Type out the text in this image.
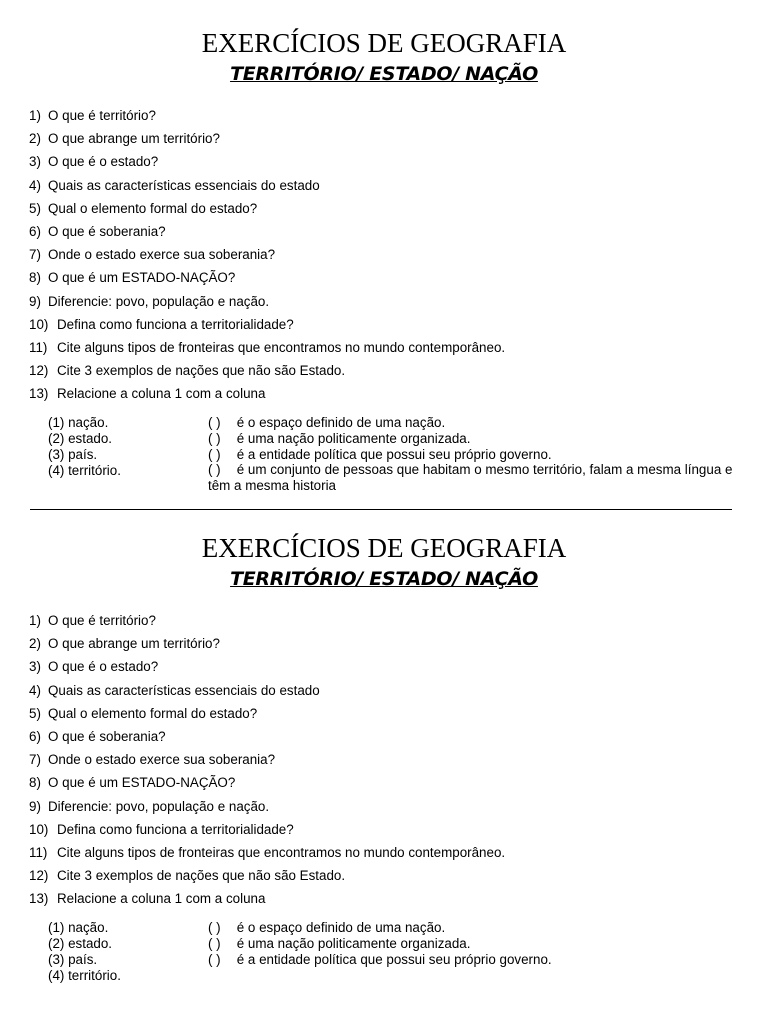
EXERCÍCIOS DE GEOGRAFIA
TERRITÓRIO/ ESTADO/ NAÇÃO
1) O que é território?
2) O que abrange um território?
3) O que é o estado?
4) Quais as características essenciais do estado
5) Qual o elemento formal do estado?
6) O que é soberania?
7) Onde o estado exerce sua soberania?
8) O que é um ESTADO-NAÇÃO?
9) Diferencie: povo, população e nação.
10) Defina como funciona a territorialidade?
11) Cite alguns tipos de fronteiras que encontramos no mundo contemporâneo.
12) Cite 3 exemplos de nações que não são Estado.
13) Relacione a coluna 1 com a coluna
(1) nação.
(2) estado.
(3) país.
(4) território.
( ) é o espaço definido de uma nação.
( ) é uma nação politicamente organizada.
( ) é a entidade política que possui seu próprio governo.
( ) é um conjunto de pessoas que habitam o mesmo território, falam a mesma língua e têm a mesma historia
EXERCÍCIOS DE GEOGRAFIA
TERRITÓRIO/ ESTADO/ NAÇÃO
1) O que é território?
2) O que abrange um território?
3) O que é o estado?
4) Quais as características essenciais do estado
5) Qual o elemento formal do estado?
6) O que é soberania?
7) Onde o estado exerce sua soberania?
8) O que é um ESTADO-NAÇÃO?
9) Diferencie: povo, população e nação.
10) Defina como funciona a territorialidade?
11) Cite alguns tipos de fronteiras que encontramos no mundo contemporâneo.
12) Cite 3 exemplos de nações que não são Estado.
13) Relacione a coluna 1 com a coluna
(1) nação.
(2) estado.
(3) país.
(4) território.
( ) é o espaço definido de uma nação.
( ) é uma nação politicamente organizada.
( ) é a entidade política que possui seu próprio governo.
